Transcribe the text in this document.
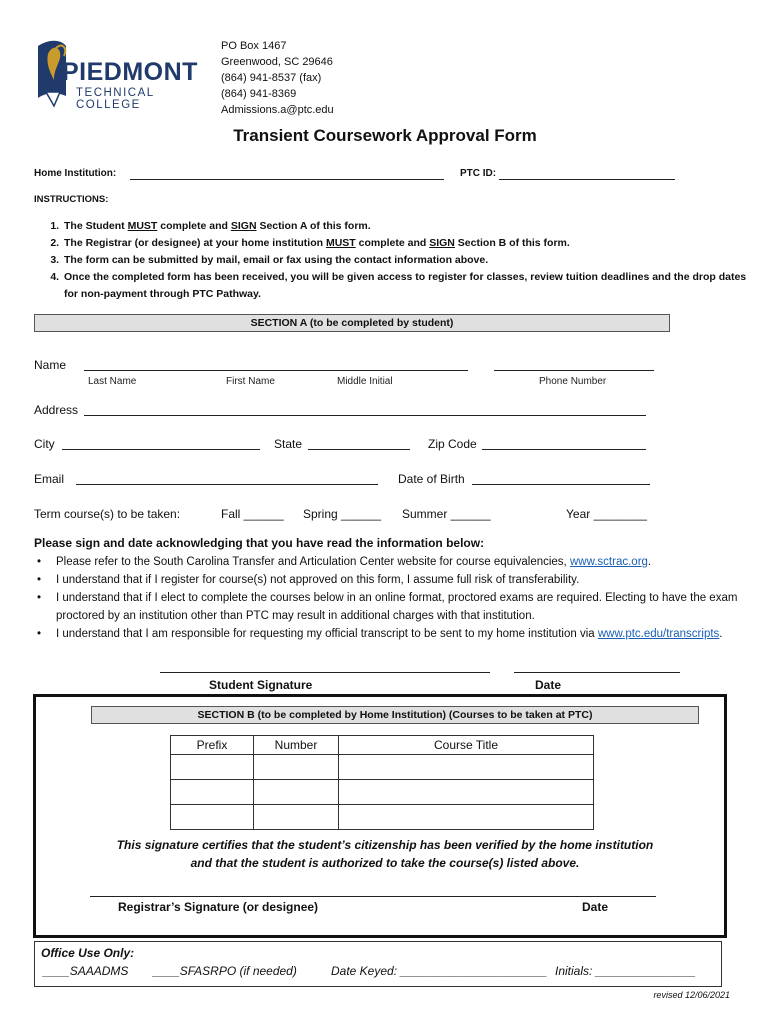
PIEDMONT
TECHNICAL COLLEGE
PO Box 1467
Greenwood, SC 29646
(864) 941-8537 (fax)
(864) 941-8369
Admissions.a@ptc.edu
Transient Coursework Approval Form
Home Institution:	PTC ID:
INSTRUCTIONS:
1. The Student MUST complete and SIGN Section A of this form.
2. The Registrar (or designee) at your home institution MUST complete and SIGN Section B of this form.
3. The form can be submitted by mail, email or fax using the contact information above.
4. Once the completed form has been received, you will be given access to register for classes, review tuition deadlines and the drop dates for non-payment through PTC Pathway.
SECTION A (to be completed by student)
Name
Last Name	First Name	Middle Initial	Phone Number
Address
City	State	Zip Code
Email	Date of Birth
Term course(s) to be taken:	Fall ______ Spring ______ Summer ______	Year ________
Please sign and date acknowledging that you have read the information below:
• Please refer to the South Carolina Transfer and Articulation Center website for course equivalencies, www.sctrac.org.
• I understand that if I register for course(s) not approved on this form, I assume full risk of transferability.
• I understand that if I elect to complete the courses below in an online format, proctored exams are required. Electing to have the exam proctored by an institution other than PTC may result in additional charges with that institution.
• I understand that I am responsible for requesting my official transcript to be sent to my home institution via www.ptc.edu/transcripts.
Student Signature	Date
SECTION B (to be completed by Home Institution) (Courses to be taken at PTC)
Prefix	Number	Course Title

This signature certifies that the student’s citizenship has been verified by the home institution
and that the student is authorized to take the course(s) listed above.
Registrar’s Signature (or designee)	Date
Office Use Only:
____SAAADMS ____SFASRPO (if needed)	Date Keyed: ______________________ Initials: _______________
revised 12/06/2021
